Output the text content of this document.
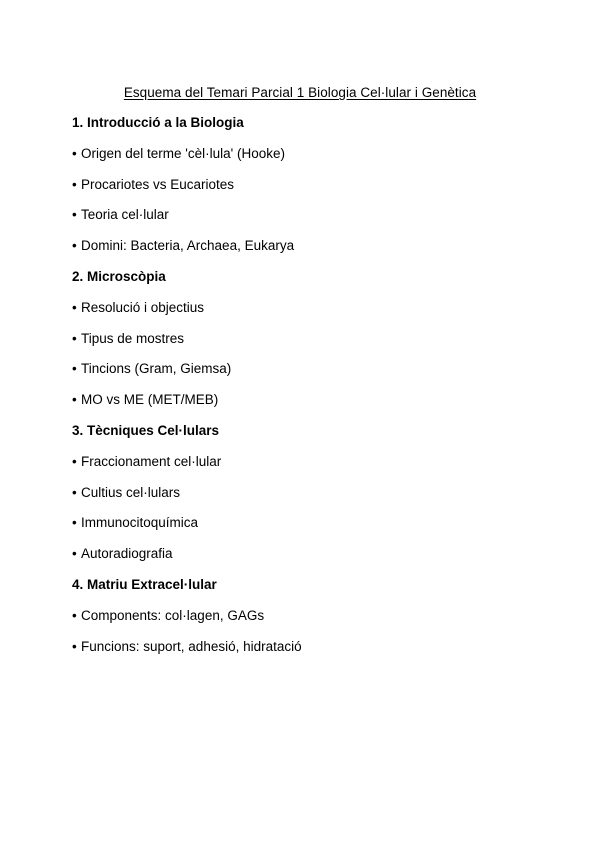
Esquema del Temari Parcial 1 Biologia Cel·lular i Genètica
1. Introducció a la Biologia
• Origen del terme 'cèl·lula' (Hooke)
• Procariotes vs Eucariotes
• Teoria cel·lular
• Domini: Bacteria, Archaea, Eukarya
2. Microscòpia
• Resolució i objectius
• Tipus de mostres
• Tincions (Gram, Giemsa)
• MO vs ME (MET/MEB)
3. Tècniques Cel·lulars
• Fraccionament cel·lular
• Cultius cel·lulars
• Immunocitoquímica
• Autoradiografia
4. Matriu Extracel·lular
• Components: col·lagen, GAGs
• Funcions: suport, adhesió, hidratació
